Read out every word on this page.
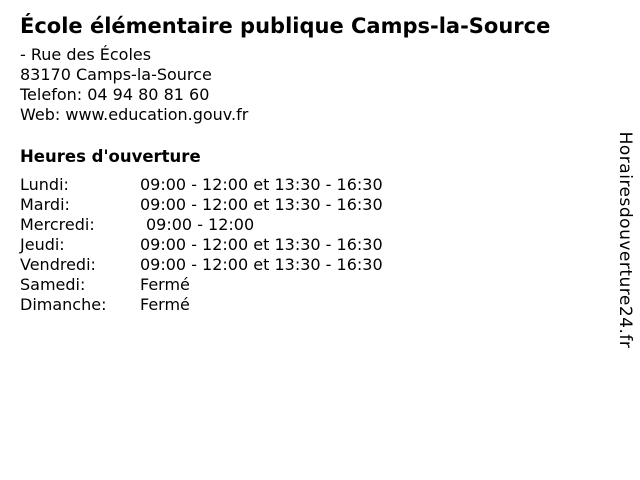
École élémentaire publique Camps-la-Source
- Rue des Écoles
83170 Camps-la-Source
Telefon: 04 94 80 81 60
Web: www.education.gouv.fr
Heures d'ouverture
Lundi:	09:00 - 12:00 et 13:30 - 16:30
Mardi:	09:00 - 12:00 et 13:30 - 16:30
Mercredi:	09:00 - 12:00
Jeudi:	09:00 - 12:00 et 13:30 - 16:30
Vendredi:	09:00 - 12:00 et 13:30 - 16:30
Samedi:	Fermé
Dimanche:	Fermé	Horairesdouverture24.fr
